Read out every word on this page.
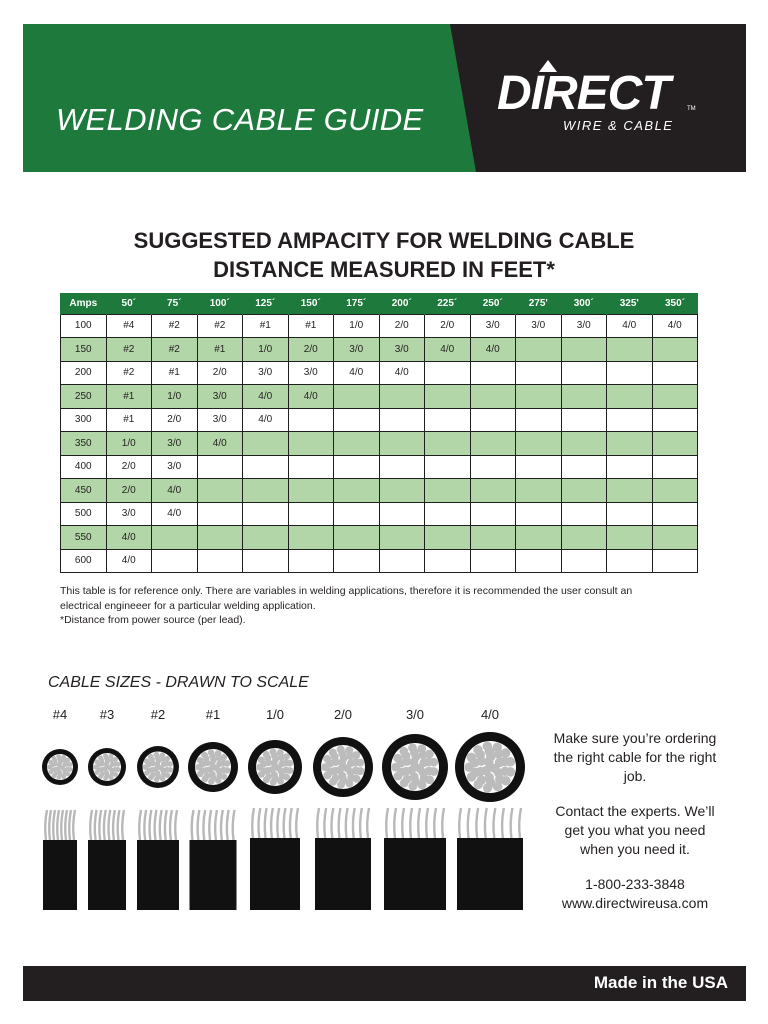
WELDING CABLE GUIDE DIRECT	TM
WIRE & CABLE
SUGGESTED AMPACITY FOR WELDING CABLE
DISTANCE MEASURED IN FEET*
Amps	50´	75´	100´	125´	150´	175´	200´	225´	250´	275'	300´	325'	350´
100	#4	#2	#2	#1	#1	1/0	2/0	2/0	3/0	3/0	3/0	4/0	4/0
150	#2	#2	#1	1/0	2/0	3/0	3/0	4/0	4/0				
200	#2	#1	2/0	3/0	3/0	4/0	4/0						
250	#1	1/0	3/0	4/0	4/0								
300	#1	2/0	3/0	4/0									
350	1/0	3/0	4/0										
400	2/0	3/0											
450	2/0	4/0											
500	3/0	4/0											
550	4/0												
600	4/0												
This table is for reference only. There are variables in welding applications, therefore it is recommended the user consult an
electrical engineeer for a particular welding application.
*Distance from power source (per lead).
CABLE SIZES - DRAWN TO SCALE
#4	#3	#2	#1	1/0	2/0	3/0	4/0

Make sure you’re ordering the right cable for the right job.

Contact the experts. We’ll get you what you need when you need it.

1-800-233-3848
www.directwireusa.com
Made in the USA
